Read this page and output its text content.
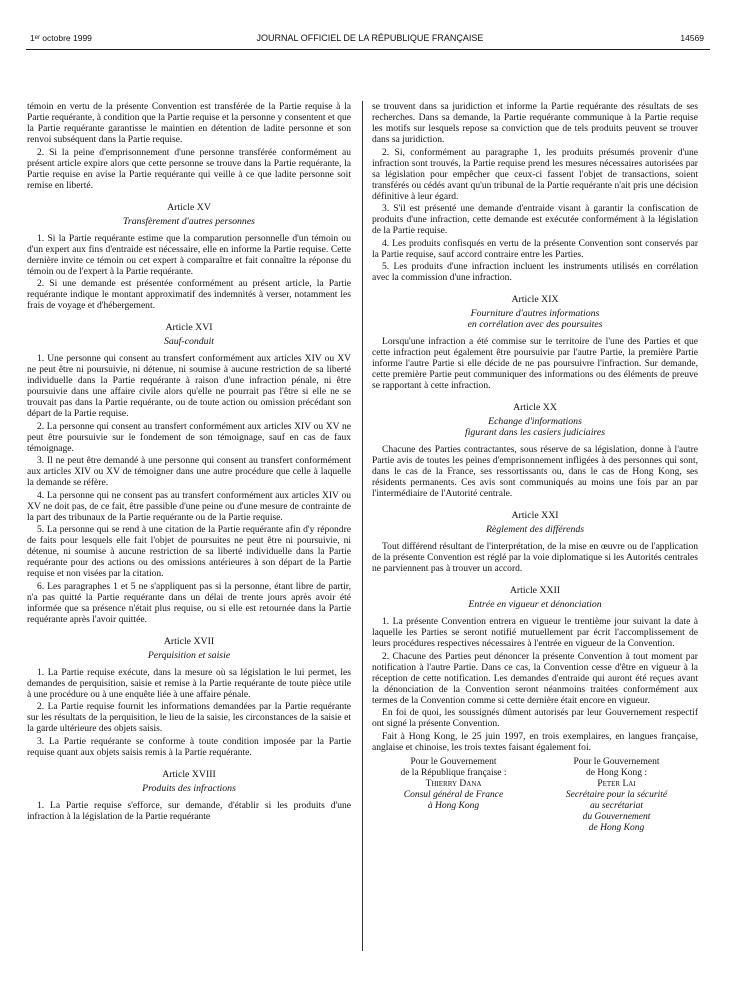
1ᵉʳ octobre 1999	JOURNAL OFFICIEL DE LA RÉPUBLIQUE FRANÇAISE	14569

témoin en vertu de la présente Convention est transférée de la Partie requise à la Partie requérante, à condition que la Partie requise et la personne y consentent et que la Partie requérante garantisse le maintien en détention de ladite personne et son renvoi subséquent dans la Partie requise.

2. Si la peine d'emprisonnement d'une personne transférée conformément au présent article expire alors que cette personne se trouve dans la Partie requérante, la Partie requise en avise la Partie requérante qui veille à ce que ladite personne soit remise en liberté.

Article XV
Transfèrement d'autres personnes

1. Si la Partie requérante estime que la comparution personnelle d'un témoin ou d'un expert aux fins d'entraide est nécessaire, elle en informe la Partie requise. Cette dernière invite ce témoin ou cet expert à comparaître et fait connaître la réponse du témoin ou de l'expert à la Partie requérante.

2. Si une demande est présentée conformément au présent article, la Partie requérante indique le montant approximatif des indemnités à verser, notamment les frais de voyage et d'hébergement.

Article XVI
Sauf-conduit

1. Une personne qui consent au transfert conformément aux articles XIV ou XV ne peut être ni poursuivie, ni détenue, ni soumise à aucune restriction de sa liberté individuelle dans la Partie requérante à raison d'une infraction pénale, ni être poursuivie dans une affaire civile alors qu'elle ne pourrait pas l'être si elle ne se trouvait pas dans la Partie requérante, ou de toute action ou omission précédant son départ de la Partie requise.

2. La personne qui consent au transfert conformément aux articles XIV ou XV ne peut être poursuivie sur le fondement de son témoignage, sauf en cas de faux témoignage.

3. Il ne peut être demandé à une personne qui consent au transfert conformément aux articles XIV ou XV de témoigner dans une autre procédure que celle à laquelle la demande se réfère.

4. La personne qui ne consent pas au transfert conformément aux articles XIV ou XV ne doit pas, de ce fait, être passible d'une peine ou d'une mesure de contrainte de la part des tribunaux de la Partie requérante ou de la Partie requise.

5. La personne qui se rend à une citation de la Partie requérante afin d'y répondre de faits pour lesquels elle fait l'objet de poursuites ne peut être ni poursuivie, ni détenue, ni soumise à aucune restriction de sa liberté individuelle dans la Partie requérante pour des actions ou des omissions antérieures à son départ de la Partie requise et non visées par la citation.

6. Les paragraphes 1 et 5 ne s'appliquent pas si la personne, étant libre de partir, n'a pas quitté la Partie requérante dans un délai de trente jours après avoir été informée que sa présence n'était plus requise, ou si elle est retournée dans la Partie requérante après l'avoir quittée.

Article XVII
Perquisition et saisie

1. La Partie requise exécute, dans la mesure où sa législation le lui permet, les demandes de perquisition, saisie et remise à la Partie requérante de toute pièce utile à une procédure ou à une enquête liée à une affaire pénale.

2. La Partie requise fournit les informations demandées par la Partie requérante sur les résultats de la perquisition, le lieu de la saisie, les circonstances de la saisie et la garde ultérieure des objets saisis.

3. La Partie requérante se conforme à toute condition imposée par la Partie requise quant aux objets saisis remis à la Partie requérante.

Article XVIII
Produits des infractions

1. La Partie requise s'efforce, sur demande, d'établir si les produits d'une infraction à la législation de la Partie requérante

se trouvent dans sa juridiction et informe la Partie requérante des résultats de ses recherches. Dans sa demande, la Partie requérante communique à la Partie requise les motifs sur lesquels repose sa conviction que de tels produits peuvent se trouver dans sa juridiction.

2. Si, conformément au paragraphe 1, les produits présumés provenir d'une infraction sont trouvés, la Partie requise prend les mesures nécessaires autorisées par sa législation pour empêcher que ceux-ci fassent l'objet de transactions, soient transférés ou cédés avant qu'un tribunal de la Partie requérante n'ait pris une décision définitive à leur égard.

3. S'il est présenté une demande d'entraide visant à garantir la confiscation de produits d'une infraction, cette demande est exécutée conformément à la législation de la Partie requise.

4. Les produits confisqués en vertu de la présente Convention sont conservés par la Partie requise, sauf accord contraire entre les Parties.

5. Les produits d'une infraction incluent les instruments utilisés en corrélation avec la commission d'une infraction.

Article XIX
Fourniture d'autres informations
en corrélation avec des poursuites

Lorsqu'une infraction a été commise sur le territoire de l'une des Parties et que cette infraction peut également être poursuivie par l'autre Partie, la première Partie informe l'autre Partie si elle décide de ne pas poursuivre l'infraction. Sur demande, cette première Partie peut communiquer des informations ou des éléments de preuve se rapportant à cette infraction.

Article XX
Echange d'informations
figurant dans les casiers judiciaires

Chacune des Parties contractantes, sous réserve de sa législation, donne à l'autre Partie avis de toutes les peines d'emprisonnement infligées à des personnes qui sont, dans le cas de la France, ses ressortissants ou, dans le cas de Hong Kong, ses résidents permanents. Ces avis sont communiqués au moins une fois par an par l'intermédiaire de l'Autorité centrale.

Article XXI
Règlement des différends

Tout différend résultant de l'interprétation, de la mise en œuvre ou de l'application de la présente Convention est réglé par la voie diplomatique si les Autorités centrales ne parviennent pas à trouver un accord.

Article XXII
Entrée en vigueur et dénonciation

1. La présente Convention entrera en vigueur le trentième jour suivant la date à laquelle les Parties se seront notifié mutuellement par écrit l'accomplissement de leurs procédures respectives nécessaires à l'entrée en vigueur de la Convention.

2. Chacune des Parties peut dénoncer la présente Convention à tout moment par notification à l'autre Partie. Dans ce cas, la Convention cesse d'être en vigueur à la réception de cette notification. Les demandes d'entraide qui auront été reçues avant la dénonciation de la Convention seront néanmoins traitées conformément aux termes de la Convention comme si cette dernière était encore en vigueur.

En foi de quoi, les soussignés dûment autorisés par leur Gouvernement respectif ont signé la présente Convention.

Fait à Hong Kong, le 25 juin 1997, en trois exemplaires, en langues française, anglaise et chinoise, les trois textes faisant également foi.

Pour le Gouvernement
de la République française :
Thierry Dana
Consul général de France
à Hong Kong
Pour le Gouvernement
de Hong Kong :
Peter Lai
Secrétaire pour la sécurité
au secrétariat
du Gouvernement
de Hong Kong
